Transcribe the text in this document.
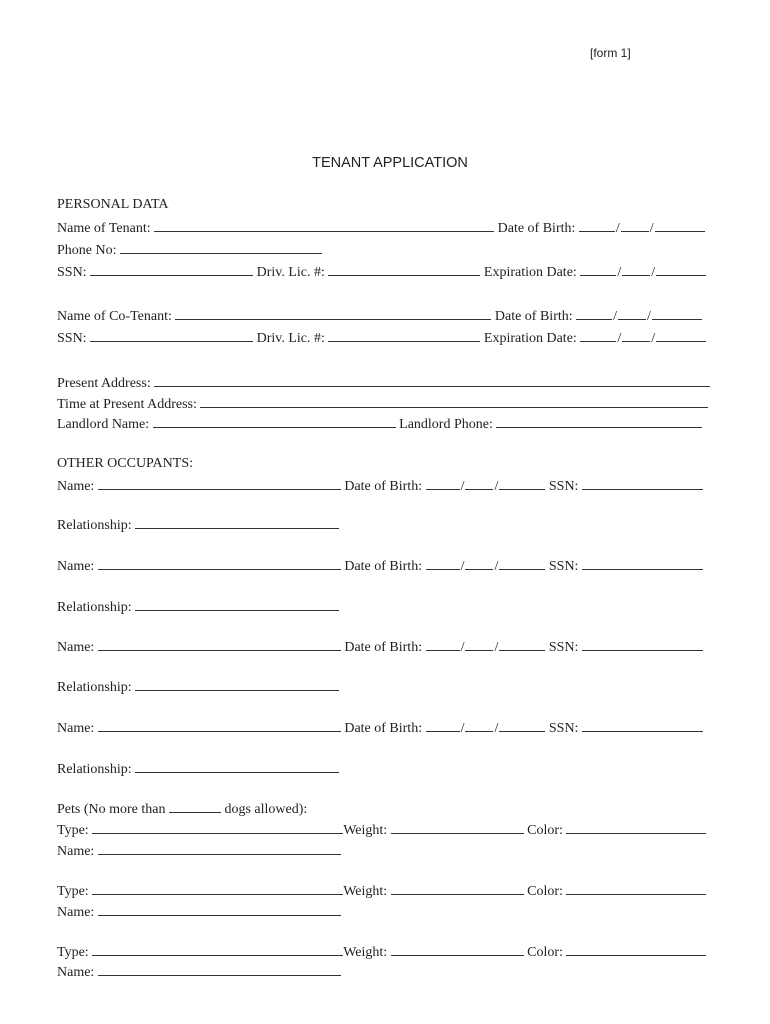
[form 1]
TENANT APPLICATION
PERSONAL DATA
Name of Tenant:	Date of Birth:	/ /
Phone No:
SSN:	Driv. Lic. #:	Expiration Date:	/ /
Name of Co-Tenant:	Date of Birth:	/ /
SSN:	Driv. Lic. #:	Expiration Date:	/ /
Present Address:
Time at Present Address:
Landlord Name:	Landlord Phone:
OTHER OCCUPANTS:
Name:	Date of Birth:	/ /	SSN:
Relationship:
Name:	Date of Birth:	/ /	SSN:
Relationship:
Name:	Date of Birth:	/ /	SSN:
Relationship:
Name:	Date of Birth:	/ /	SSN:
Relationship:
Pets (No more than	dogs allowed):
Type:	Weight:	Color:
Name:
Type:	Weight:	Color:
Name:
Type:	Weight:	Color:
Name:
